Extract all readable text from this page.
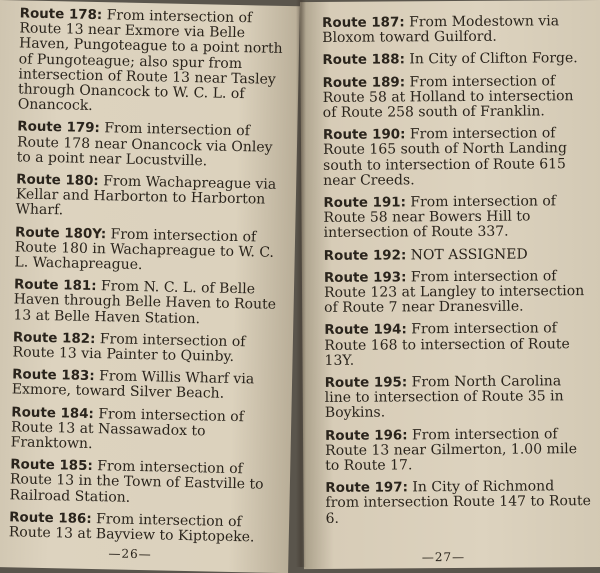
Route 178: From intersection of Route 13 near Exmore via Belle Haven, Pungoteague to a point north of Pungoteague; also spur from intersection of Route 13 near Tasley through Onancock to W. C. L. of Onancock.
Route 179: From intersection of Route 178 near Onancock via Onley to a point near Locustville.
Route 180: From Wachapreague via Kellar and Harborton to Harborton Wharf.
Route 180Y: From intersection of Route 180 in Wachapreague to W. C. L. Wachapreague.
Route 181: From N. C. L. of Belle Haven through Belle Haven to Route 13 at Belle Haven Station.
Route 182: From intersection of Route 13 via Painter to Quinby.
Route 183: From Willis Wharf via Exmore, toward Silver Beach.
Route 184: From intersection of Route 13 at Nassawadox to Franktown.
Route 185: From intersection of Route 13 in the Town of Eastville to Railroad Station.
Route 186: From intersection of Route 13 at Bayview to Kiptopeke.
—26—
Route 187: From Modestown via Bloxom toward Guilford.
Route 188: In City of Clifton Forge.
Route 189: From intersection of Route 58 at Holland to intersection of Route 258 south of Franklin.
Route 190: From intersection of Route 165 south of North Landing south to intersection of Route 615 near Creeds.
Route 191: From intersection of Route 58 near Bowers Hill to intersection of Route 337.
Route 192: NOT ASSIGNED
Route 193: From intersection of Route 123 at Langley to intersection of Route 7 near Dranesville.
Route 194: From intersection of Route 168 to intersection of Route 13Y.
Route 195: From North Carolina line to intersection of Route 35 in Boykins.
Route 196: From intersection of Route 13 near Gilmerton, 1.00 mile to Route 17.
Route 197: In City of Richmond from intersection Route 147 to Route 6.
—27—
